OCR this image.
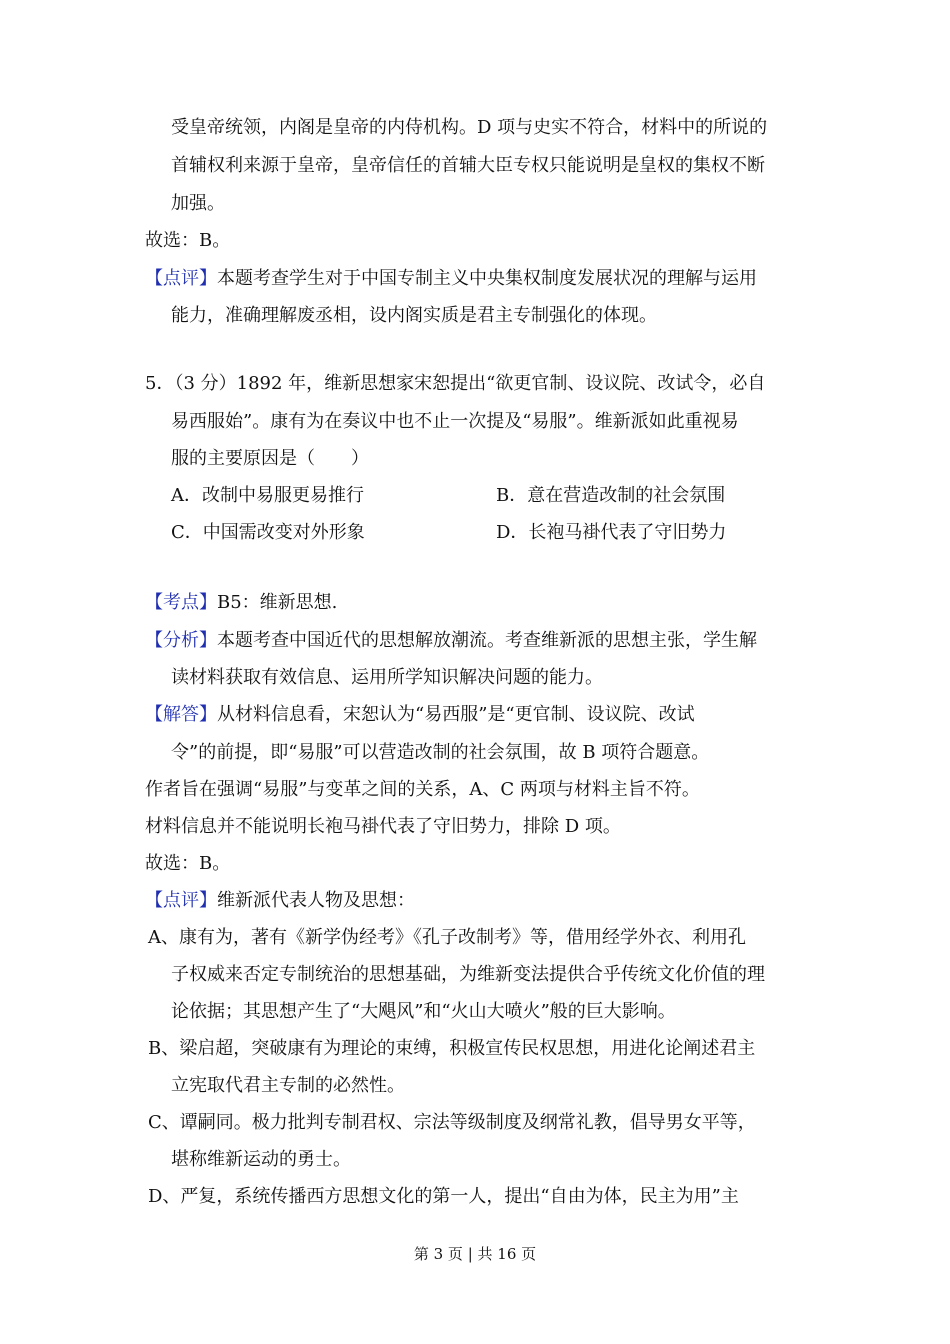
受皇帝统领，内阁是皇帝的内侍机构。D 项与史实不符合，材料中的所说的
首辅权利来源于皇帝，皇帝信任的首辅大臣专权只能说明是皇权的集权不断
加强。
故选：B。
【点评】本题考查学生对于中国专制主义中央集权制度发展状况的理解与运用
能力，准确理解废丞相，设内阁实质是君主专制强化的体现。
5．（3 分）1892 年，维新思想家宋恕提出“欲更官制、设议院、改试令，必自
易西服始”。康有为在奏议中也不止一次提及“易服”。维新派如此重视易
服的主要原因是（　　）
A．改制中易服更易推行	B．意在营造改制的社会氛围
C．中国需改变对外形象	D．长袍马褂代表了守旧势力
【考点】B5：维新思想.
【分析】本题考查中国近代的思想解放潮流。考查维新派的思想主张，学生解
读材料获取有效信息、运用所学知识解决问题的能力。
【解答】从材料信息看，宋恕认为“易西服”是“更官制、设议院、改试
令”的前提，即“易服”可以营造改制的社会氛围，故 B 项符合题意。
作者旨在强调“易服”与变革之间的关系，A、C 两项与材料主旨不符。
材料信息并不能说明长袍马褂代表了守旧势力，排除 D 项。
故选：B。
【点评】维新派代表人物及思想：
A、康有为，著有《新学伪经考》《孔子改制考》等，借用经学外衣、利用孔
子权威来否定专制统治的思想基础，为维新变法提供合乎传统文化价值的理
论依据；其思想产生了“大飓风”和“火山大喷火”般的巨大影响。
B、梁启超，突破康有为理论的束缚，积极宣传民权思想，用进化论阐述君主
立宪取代君主专制的必然性。
C、谭嗣同。极力批判专制君权、宗法等级制度及纲常礼教，倡导男女平等，
堪称维新运动的勇士。
D、严复，系统传播西方思想文化的第一人，提出“自由为体，民主为用”主
第 3 页 | 共 16 页
